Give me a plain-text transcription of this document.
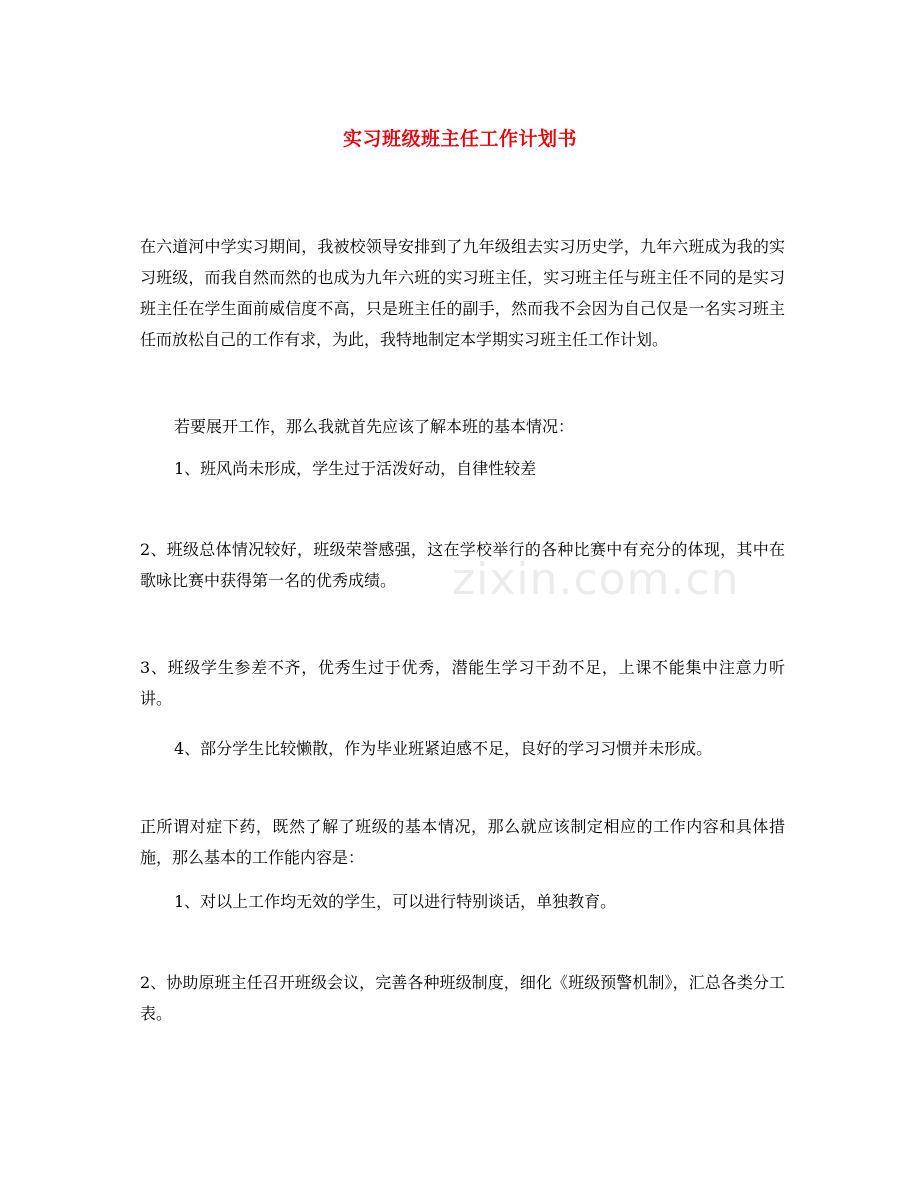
实习班级班主任工作计划书
zixin.com.cn

在六道河中学实习期间，我被校领导安排到了九年级组去实习历史学，九年六班成为我的实习班级，而我自然而然的也成为九年六班的实习班主任，实习班主任与班主任不同的是实习班主任在学生面前威信度不高，只是班主任的副手，然而我不会因为自己仅是一名实习班主任而放松自己的工作有求，为此，我特地制定本学期实习班主任工作计划。

若要展开工作，那么我就首先应该了解本班的基本情况：

1、班风尚未形成，学生过于活泼好动，自律性较差

2、班级总体情况较好，班级荣誉感强，这在学校举行的各种比赛中有充分的体现，其中在歌咏比赛中获得第一名的优秀成绩。

3、班级学生参差不齐，优秀生过于优秀，潜能生学习干劲不足，上课不能集中注意力听讲。

4、部分学生比较懒散，作为毕业班紧迫感不足，良好的学习习惯并未形成。

正所谓对症下药，既然了解了班级的基本情况，那么就应该制定相应的工作内容和具体措施，那么基本的工作能内容是：

1、对以上工作均无效的学生，可以进行特别谈话，单独教育。

2、协助原班主任召开班级会议，完善各种班级制度，细化《班级预警机制》，汇总各类分工表。
